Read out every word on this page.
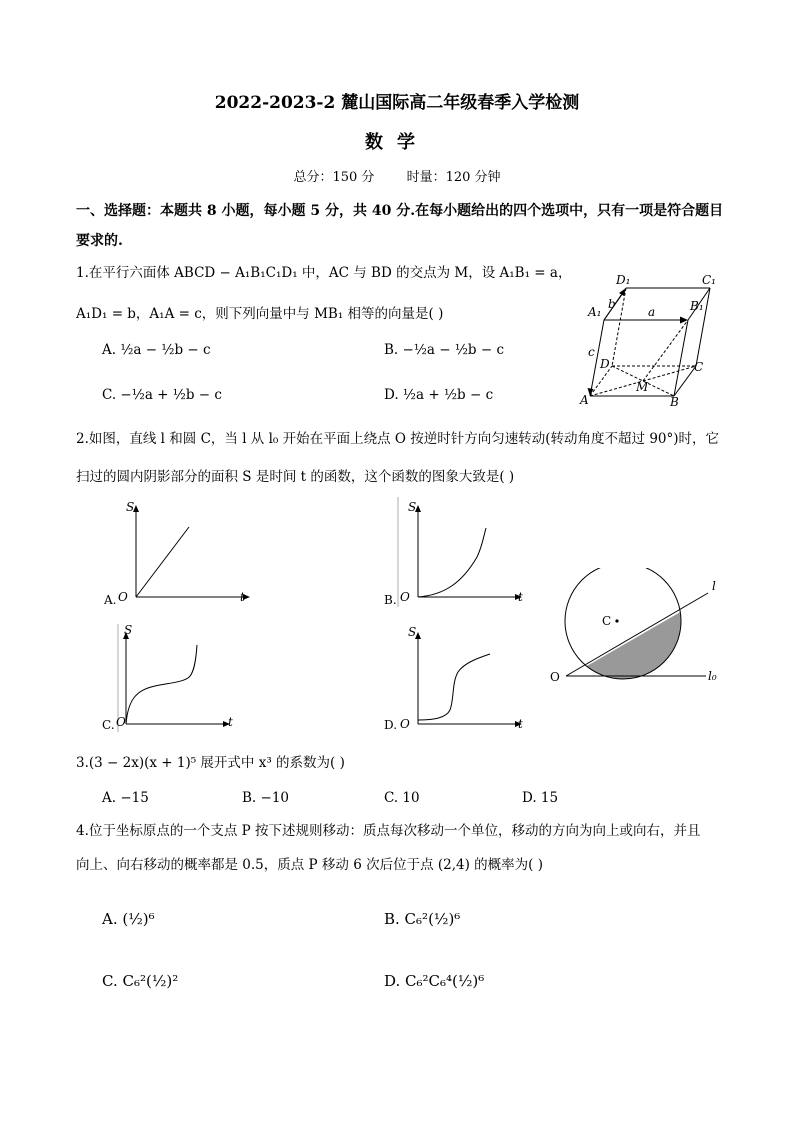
2022-2023-2 麓山国际高二年级春季入学检测
数学
总分：150 分 时量：120 分钟
一、选择题：本题共 8 小题，每小题 5 分，共 40 分.在每小题给出的四个选项中，只有一项是符合题目要求的.
1.在平行六面体 ABCD − A₁B₁C₁D₁ 中，AC 与 BD 的交点为 M，设 A₁B₁ = a，
A₁D₁ = b，A₁A = c，则下列向量中与 MB₁ 相等的向量是( )
A. ½a − ½b − c	B. −½a − ½b − c
C. −½a + ½b − c	D. ½a + ½b − c
D₁	C₁
A₁	B₁
a
b
c
D	C
M
A	B
2.如图，直线 l 和圆 C，当 l 从 l₀ 开始在平面上绕点 O 按逆时针方向匀速转动(转动角度不超过 90°)时，它
扫过的圆内阴影部分的面积 S 是时间 t 的函数，这个函数的图象大致是( )
A. O
S
t	B. O
S
t
C. O
S
t	D. O
S
t
C
O
l
l₀
3.(3 − 2x)(x + 1)⁵ 展开式中 x³ 的系数为( )
A. −15	B. −10	C. 10	D. 15
4.位于坐标原点的一个支点 P 按下述规则移动：质点每次移动一个单位，移动的方向为向上或向右，并且
向上、向右移动的概率都是 0.5，质点 P 移动 6 次后位于点 (2,4) 的概率为( )
A. (½)⁶	B. C₆²(½)⁶
C. C₆²(½)²	D. C₆²C₆⁴(½)⁶
